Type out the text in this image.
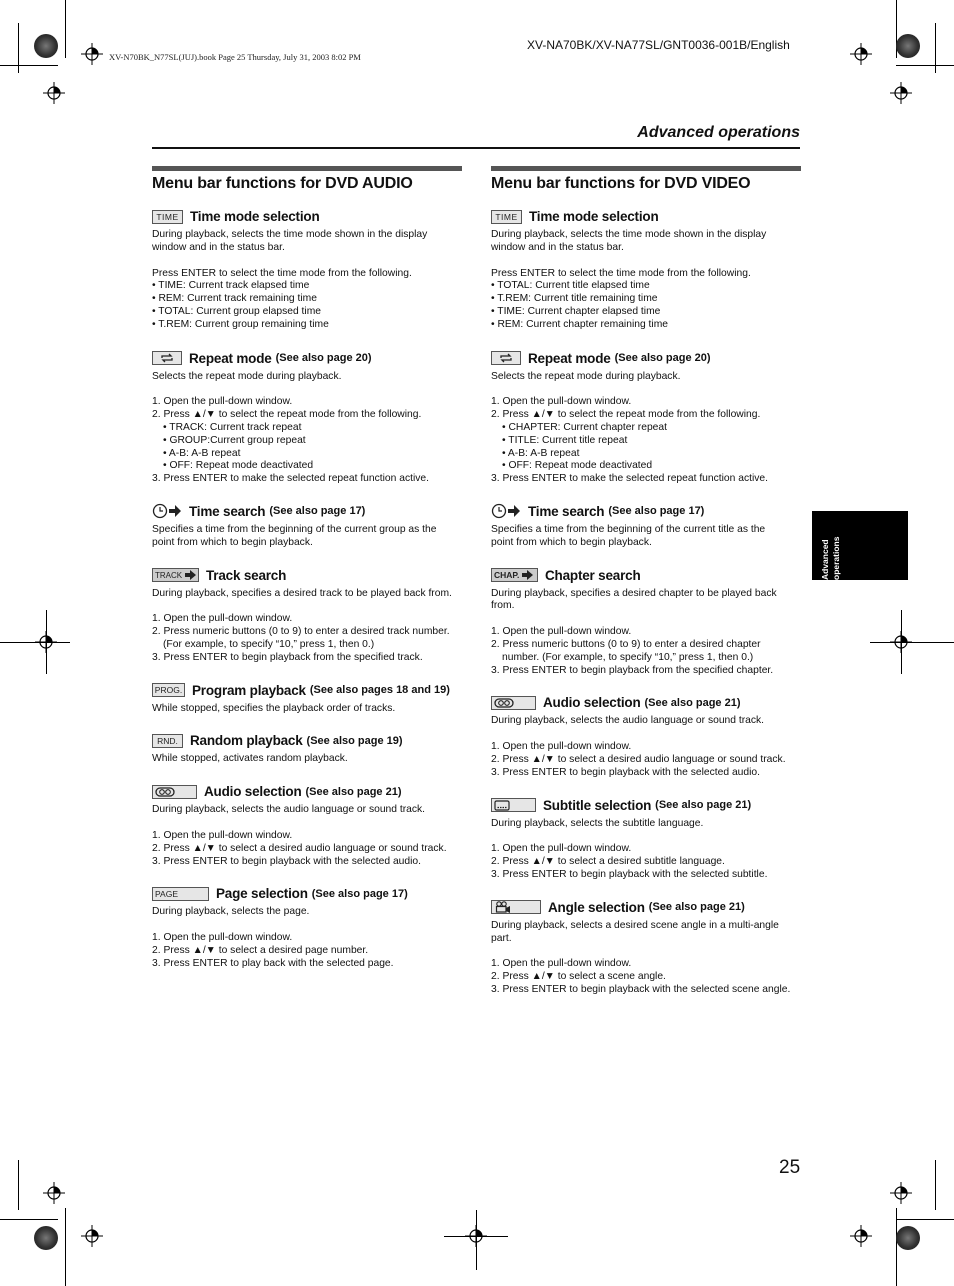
XV-N70BK_N77SL(JUJ).book Page 25 Thursday, July 31, 2003 8:02 PM
XV-NA70BK/XV-NA77SL/GNT0036-001B/English
Advanced operations
Menu bar functions for DVD AUDIO
TIME Time mode selection

During playback, selects the time mode shown in the display

window and in the status bar.

Press ENTER to select the time mode from the following.

• TIME: Current track elapsed time

• REM: Current track remaining time

• TOTAL: Current group elapsed time

• T.REM: Current group remaining time

Repeat mode (See also page 20)

Selects the repeat mode during playback.

1. Open the pull-down window.

2. Press ▲/▼ to select the repeat mode from the following.

• TRACK: Current track repeat

• GROUP:Current group repeat

• A-B: A-B repeat

• OFF: Repeat mode deactivated

3. Press ENTER to make the selected repeat function active.

Time search (See also page 17)

Specifies a time from the beginning of the current group as the

point from which to begin playback.

TRACK Track search

During playback, specifies a desired track to be played back from.

1. Open the pull-down window.

2. Press numeric buttons (0 to 9) to enter a desired track number.

(For example, to specify “10,” press 1, then 0.)

3. Press ENTER to begin playback from the specified track.

PROG. Program playback (See also pages 18 and 19)

While stopped, specifies the playback order of tracks.

RND. Random playback (See also page 19)

While stopped, activates random playback.

Audio selection (See also page 21)

During playback, selects the audio language or sound track.

1. Open the pull-down window.

2. Press ▲/▼ to select a desired audio language or sound track.

3. Press ENTER to begin playback with the selected audio.

PAGE	Page selection (See also page 17)

During playback, selects the page.

1. Open the pull-down window.

2. Press ▲/▼ to select a desired page number.

3. Press ENTER to play back with the selected page.

Menu bar functions for DVD VIDEO
TIME Time mode selection

During playback, selects the time mode shown in the display

window and in the status bar.

Press ENTER to select the time mode from the following.

• TOTAL: Current title elapsed time

• T.REM: Current title remaining time

• TIME: Current chapter elapsed time

• REM: Current chapter remaining time

Repeat mode (See also page 20)

Selects the repeat mode during playback.

1. Open the pull-down window.

2. Press ▲/▼ to select the repeat mode from the following.

• CHAPTER: Current chapter repeat

• TITLE: Current title repeat

• A-B: A-B repeat

• OFF: Repeat mode deactivated

3. Press ENTER to make the selected repeat function active.

Time search (See also page 17)

Specifies a time from the beginning of the current title as the

point from which to begin playback.

CHAP. Chapter search

During playback, specifies a desired chapter to be played back

from.

1. Open the pull-down window.

2. Press numeric buttons (0 to 9) to enter a desired chapter

number. (For example, to specify “10,” press 1, then 0.)

3. Press ENTER to begin playback from the specified chapter.

Audio selection (See also page 21)

During playback, selects the audio language or sound track.

1. Open the pull-down window.

2. Press ▲/▼ to select a desired audio language or sound track.

3. Press ENTER to begin playback with the selected audio.

Subtitle selection (See also page 21)

During playback, selects the subtitle language.

1. Open the pull-down window.

2. Press ▲/▼ to select a desired subtitle language.

3. Press ENTER to begin playback with the selected subtitle.

Angle selection (See also page 21)

During playback, selects a desired scene angle in a multi-angle

part.

1. Open the pull-down window.

2. Press ▲/▼ to select a scene angle.

3. Press ENTER to begin playback with the selected scene angle.

Advanced operations
25
